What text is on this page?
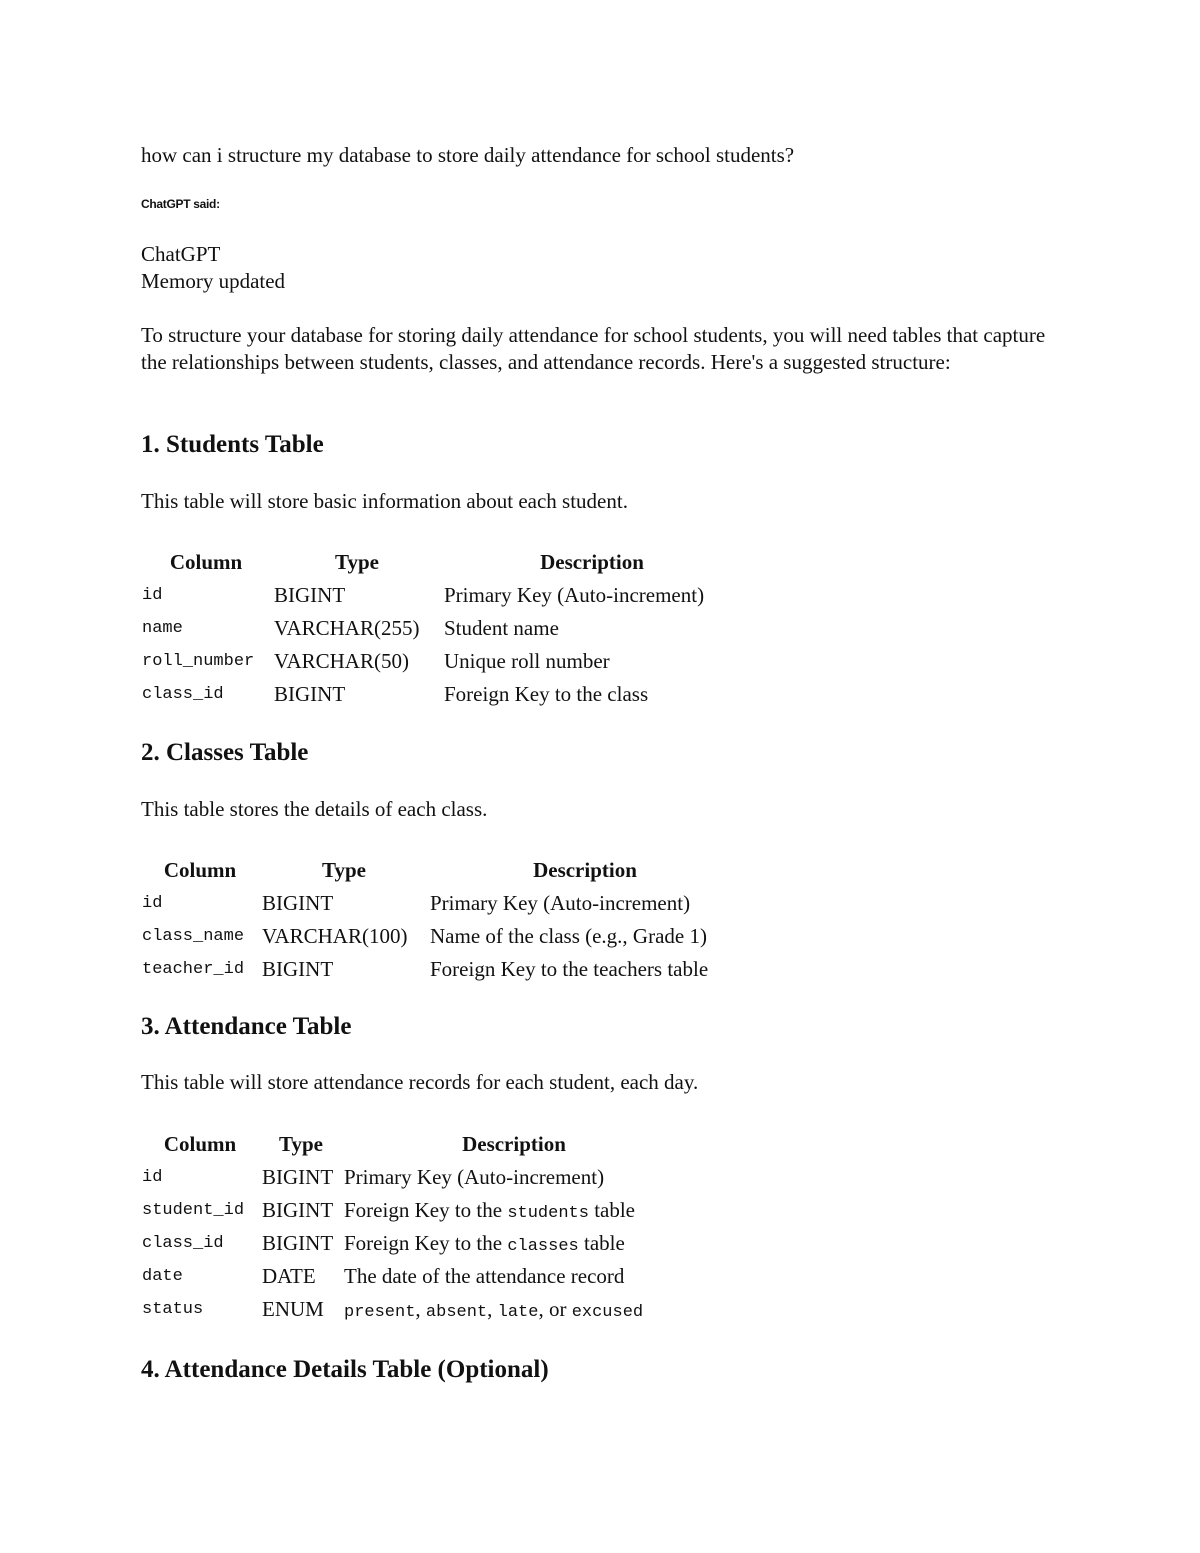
how can i structure my database to store daily attendance for school students?
ChatGPT said:
ChatGPT
Memory updated
To structure your database for storing daily attendance for school students, you will need tables that capture the relationships between students, classes, and attendance records. Here's a suggested structure:
1. Students Table
This table will store basic information about each student.
Column	Type	Description
id	BIGINT	Primary Key (Auto-increment)
name	VARCHAR(255)	Student name
roll_number	VARCHAR(50)	Unique roll number
class_id	BIGINT	Foreign Key to the class
2. Classes Table
This table stores the details of each class.
Column	Type	Description
id	BIGINT	Primary Key (Auto-increment)
class_name	VARCHAR(100)	Name of the class (e.g., Grade 1)
teacher_id	BIGINT	Foreign Key to the teachers table
3. Attendance Table
This table will store attendance records for each student, each day.
Column	Type	Description
id	BIGINT	Primary Key (Auto-increment)
student_id	BIGINT	Foreign Key to the students table
class_id	BIGINT	Foreign Key to the classes table
date	DATE	The date of the attendance record
status	ENUM	present, absent, late, or excused
4. Attendance Details Table (Optional)
